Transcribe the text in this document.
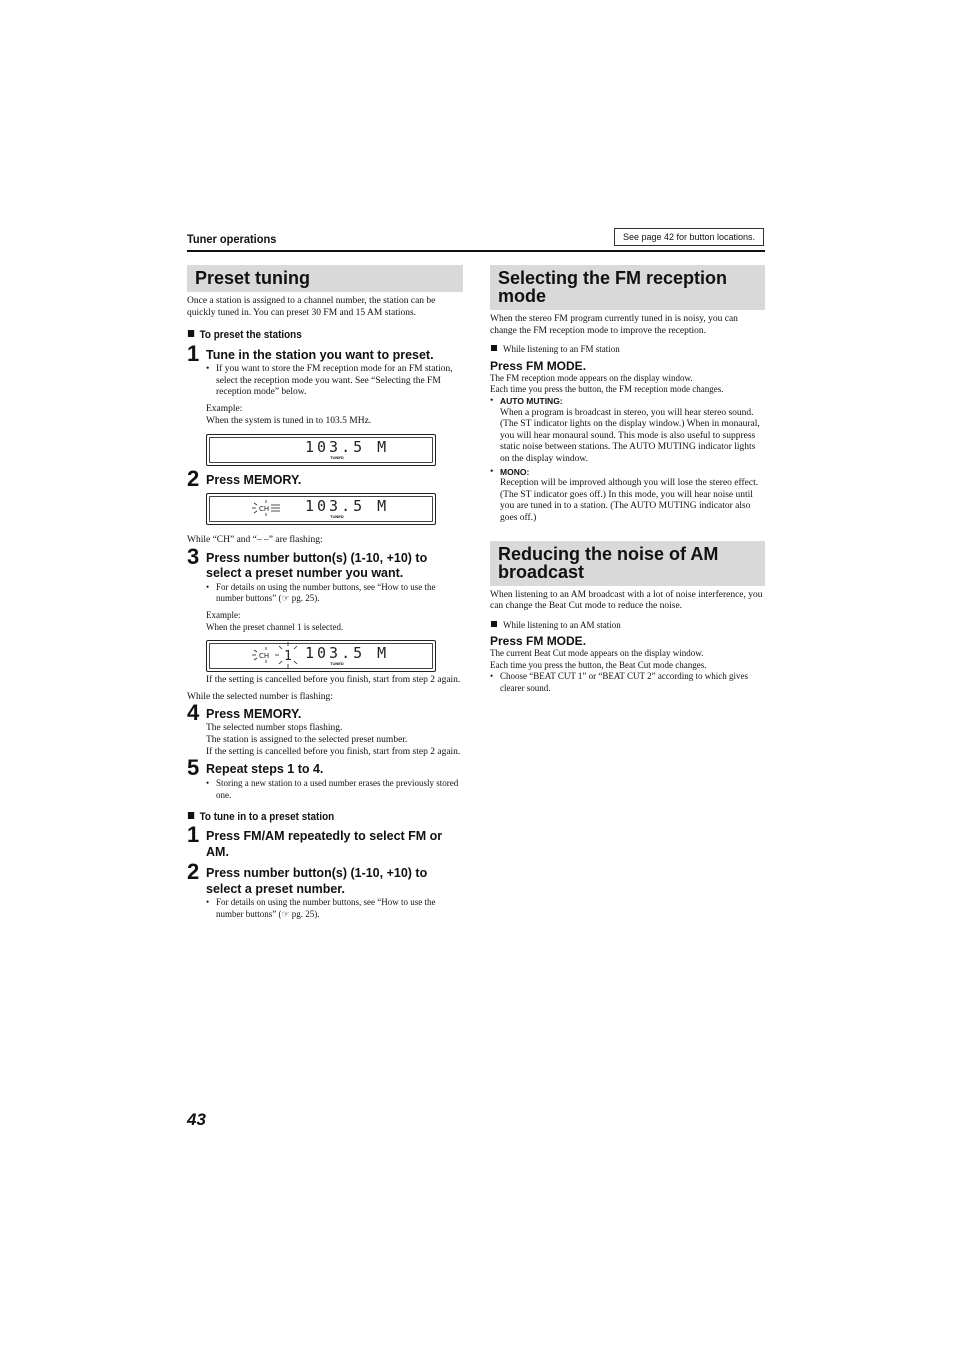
Tuner operations	See page 42 for button locations.
Preset tuning
Once a station is assigned to a channel number, the station can be quickly tuned in. You can preset 30 FM and 15 AM stations.
To preset the stations
1 Tune in the station you want to preset.
• If you want to store the FM reception mode for an FM station, select the reception mode you want. See “Selecting the FM reception mode” below.
Example:
When the system is tuned in to 103.5 MHz.
103.5 M
TUNED
2 Press MEMORY.
CH 103.5 M
TUNED
While “CH” and “– –” are flashing:
3 Press number button(s) (1-10, +10) to select a preset number you want.
• For details on using the number buttons, see “How to use the number buttons” (☞ pg. 25).
Example:
When the preset channel 1 is selected.
CH 1 103.5 M
TUNED
If the setting is cancelled before you finish, start from step 2 again.
While the selected number is flashing:
4 Press MEMORY.
The selected number stops flashing.
The station is assigned to the selected preset number.
If the setting is cancelled before you finish, start from step 2 again.
5 Repeat steps 1 to 4.
• Storing a new station to a used number erases the previously stored one.
To tune in to a preset station
1 Press FM/AM repeatedly to select FM or AM.
2 Press number button(s) (1-10, +10) to select a preset number.
• For details on using the number buttons, see “How to use the number buttons” (☞ pg. 25).
Selecting the FM reception mode
When the stereo FM program currently tuned in is noisy, you can change the FM reception mode to improve the reception.
While listening to an FM station
Press FM MODE.
The FM reception mode appears on the display window.
Each time you press the button, the FM reception mode changes.
• AUTO MUTING:
When a program is broadcast in stereo, you will hear stereo sound. (The ST indicator lights on the display window.) When in monaural, you will hear monaural sound. This mode is also useful to suppress static noise between stations. The AUTO MUTING indicator lights on the display window.
• MONO:
Reception will be improved although you will lose the stereo effect. (The ST indicator goes off.) In this mode, you will hear noise until you are tuned in to a station. (The AUTO MUTING indicator also goes off.)
Reducing the noise of AM broadcast
When listening to an AM broadcast with a lot of noise interference, you can change the Beat Cut mode to reduce the noise.
While listening to an AM station
Press FM MODE.
The current Beat Cut mode appears on the display window.
Each time you press the button, the Beat Cut mode changes.
• Choose “BEAT CUT 1” or “BEAT CUT 2” according to which gives clearer sound.
43
